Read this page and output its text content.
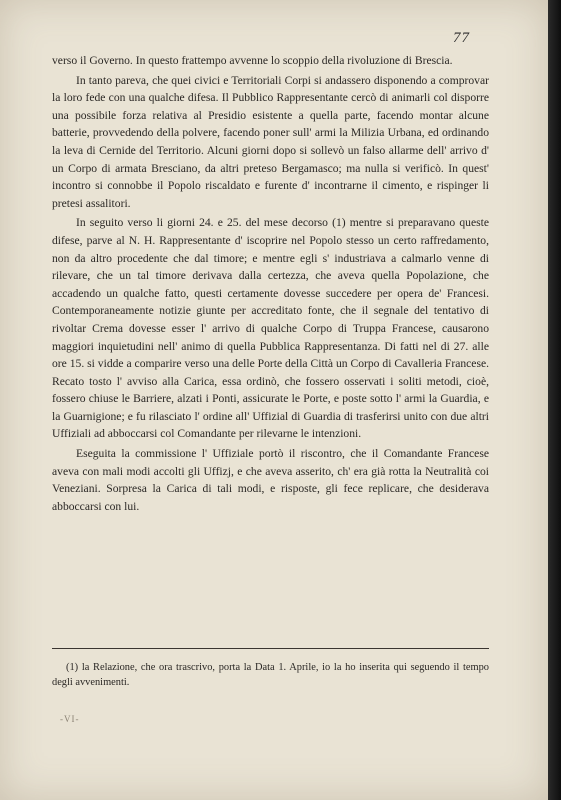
77

verso il Governo. In questo frattempo avvenne lo scoppio della rivoluzione di Brescia.

In tanto pareva, che quei civici e Territoriali Corpi si andassero disponendo a comprovar la loro fede con una qualche difesa. Il Pubblico Rappresentante cercò di animarli col disporre una possibile forza relativa al Presidio esistente a quella parte, facendo montar alcune batterie, provvedendo della polvere, facendo poner sull' armi la Milizia Urbana, ed ordinando la leva di Cernide del Territorio. Alcuni giorni dopo si sollevò un falso allarme dell' arrivo d' un Corpo di armata Bresciano, da altri preteso Bergamasco; ma nulla si verificò. In quest' incontro si connobbe il Popolo riscaldato e furente d' incontrarne il cimento, e rispinger li pretesi assalitori.

In seguito verso li giorni 24. e 25. del mese decorso (1) mentre si preparavano queste difese, parve al N. H. Rappresentante d' iscoprire nel Popolo stesso un certo raffredamento, non da altro procedente che dal timore; e mentre egli s' industriava a calmarlo venne di rilevare, che un tal timore derivava dalla certezza, che aveva quella Popolazione, che accadendo un qualche fatto, questi certamente dovesse succedere per opera de' Francesi. Contemporaneamente notizie giunte per accreditato fonte, che il segnale del tentativo di rivoltar Crema dovesse esser l' arrivo di qualche Corpo di Truppa Francese, causarono maggiori inquietudini nell' animo di quella Pubblica Rappresentanza. Di fatti nel di 27. alle ore 15. si vidde a comparire verso una delle Porte della Città un Corpo di Cavalleria Francese. Recato tosto l' avviso alla Carica, essa ordinò, che fossero osservati i soliti metodi, cioè, fossero chiuse le Barriere, alzati i Ponti, assicurate le Porte, e poste sotto l' armi la Guardia, e la Guarnigione; e fu rilasciato l' ordine all' Uffizial di Guardia di trasferirsi unito con due altri Uffiziali ad abboccarsi col Comandante per rilevarne le intenzioni.

Eseguita la commissione l' Uffiziale portò il riscontro, che il Comandante Francese aveva con mali modi accolti gli Uffizj, e che aveva asserito, ch' era già rotta la Neutralità coi Veneziani. Sorpresa la Carica di tali modi, e risposte, gli fece replicare, che desiderava abboccarsi con lui.

(1) la Relazione, che ora trascrivo, porta la Data 1. Aprile, io la ho inserita qui seguendo il tempo degli avvenimenti.
-VI-
